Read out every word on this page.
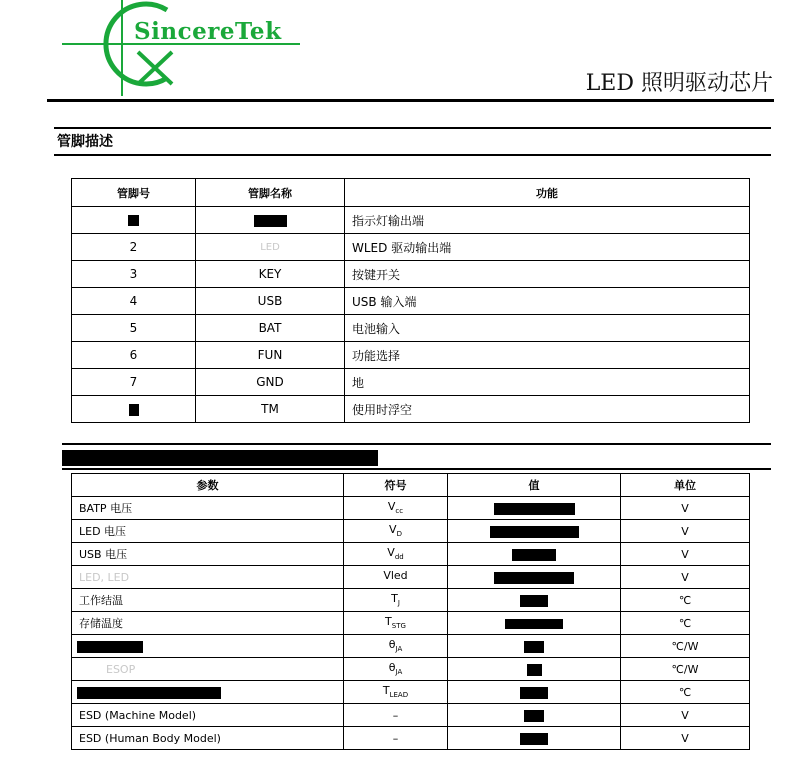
SincereTek
LED 照明驱动芯片
管脚描述
管脚号	管脚名称	功能
		指示灯输出端
2	LED	WLED 驱动输出端
3	KEY	按键开关
4	USB	USB 输入端
5	BAT	电池输入
6	FUN	功能选择
7	GND	地
	TM	使用时浮空
参数	符号	值	单位
BATP 电压	$V_{cc}$		V
LED 电压	$V_D$		V
USB 电压	$V_{dd}$		V
LED, LED	Vled		V
工作结温	$T_J$		℃
存储温度	$T_{STG}$		℃
	$\theta_{JA}$		℃/W
ESOP	$\theta_{JA}$		℃/W
	$T_{LEAD}$		℃
ESD (Machine Model)	–		V
ESD (Human Body Model)	–		V
